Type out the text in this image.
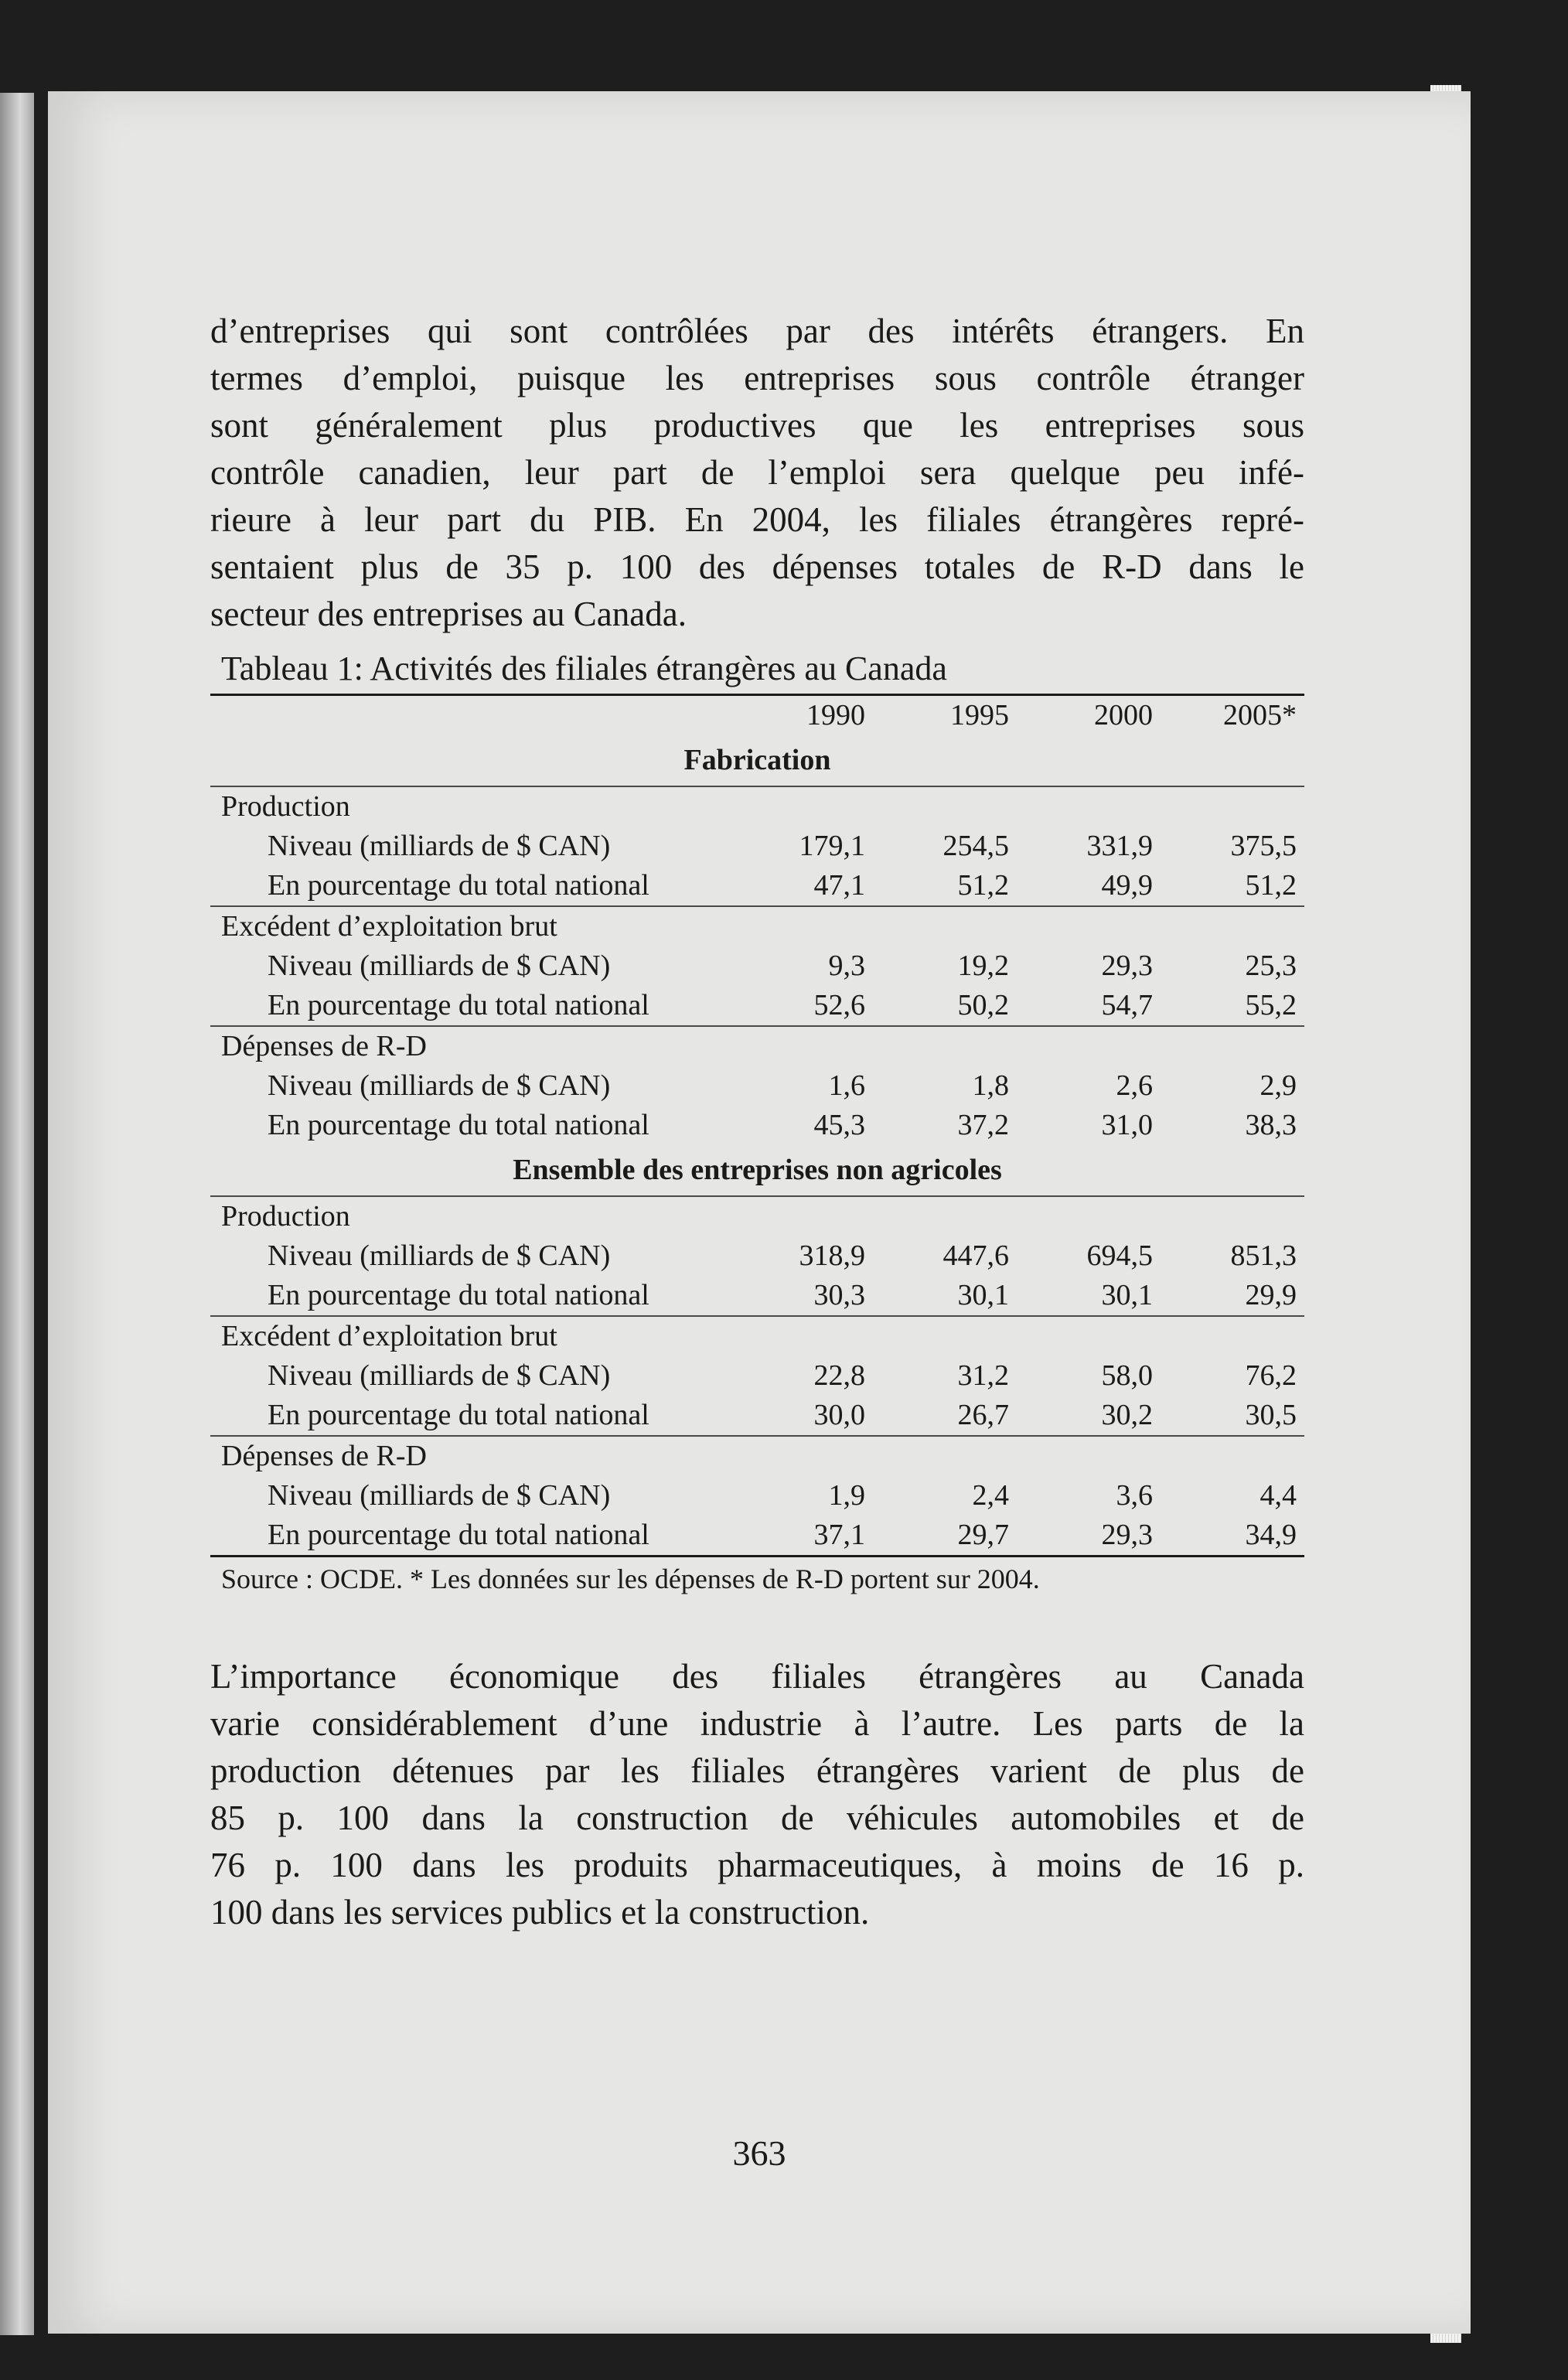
d’entreprises qui sont contrôlées par des intérêts étrangers. En
termes d’emploi, puisque les entreprises sous contrôle étranger
sont généralement plus productives que les entreprises sous
contrôle canadien, leur part de l’emploi sera quelque peu infé-
rieure à leur part du PIB. En 2004, les filiales étrangères repré-
sentaient plus de 35 p. 100 des dépenses totales de R-D dans le
secteur des entreprises au Canada.

Tableau 1: Activités des filiales étrangères au Canada

	1990	1995	2000	2005*
Fabrication				
Production				
Niveau (milliards de $ CAN)	179,1	254,5	331,9	375,5
En pourcentage du total national	47,1	51,2	49,9	51,2
Excédent d’exploitation brut				
Niveau (milliards de $ CAN)	9,3	19,2	29,3	25,3
En pourcentage du total national	52,6	50,2	54,7	55,2
Dépenses de R-D				
Niveau (milliards de $ CAN)	1,6	1,8	2,6	2,9
En pourcentage du total national	45,3	37,2	31,0	38,3
Ensemble des entreprises non agricoles				
Production				
Niveau (milliards de $ CAN)	318,9	447,6	694,5	851,3
En pourcentage du total national	30,3	30,1	30,1	29,9
Excédent d’exploitation brut				
Niveau (milliards de $ CAN)	22,8	31,2	58,0	76,2
En pourcentage du total national	30,0	26,7	30,2	30,5
Dépenses de R-D				
Niveau (milliards de $ CAN)	1,9	2,4	3,6	4,4
En pourcentage du total national	37,1	29,7	29,3	34,9
Source : OCDE. * Les données sur les dépenses de R-D portent sur 2004.				

L’importance économique des filiales étrangères au Canada
varie considérablement d’une industrie à l’autre. Les parts de la
production détenues par les filiales étrangères varient de plus de
85 p. 100 dans la construction de véhicules automobiles et de
76 p. 100 dans les produits pharmaceutiques, à moins de 16 p.
100 dans les services publics et la construction.

363
